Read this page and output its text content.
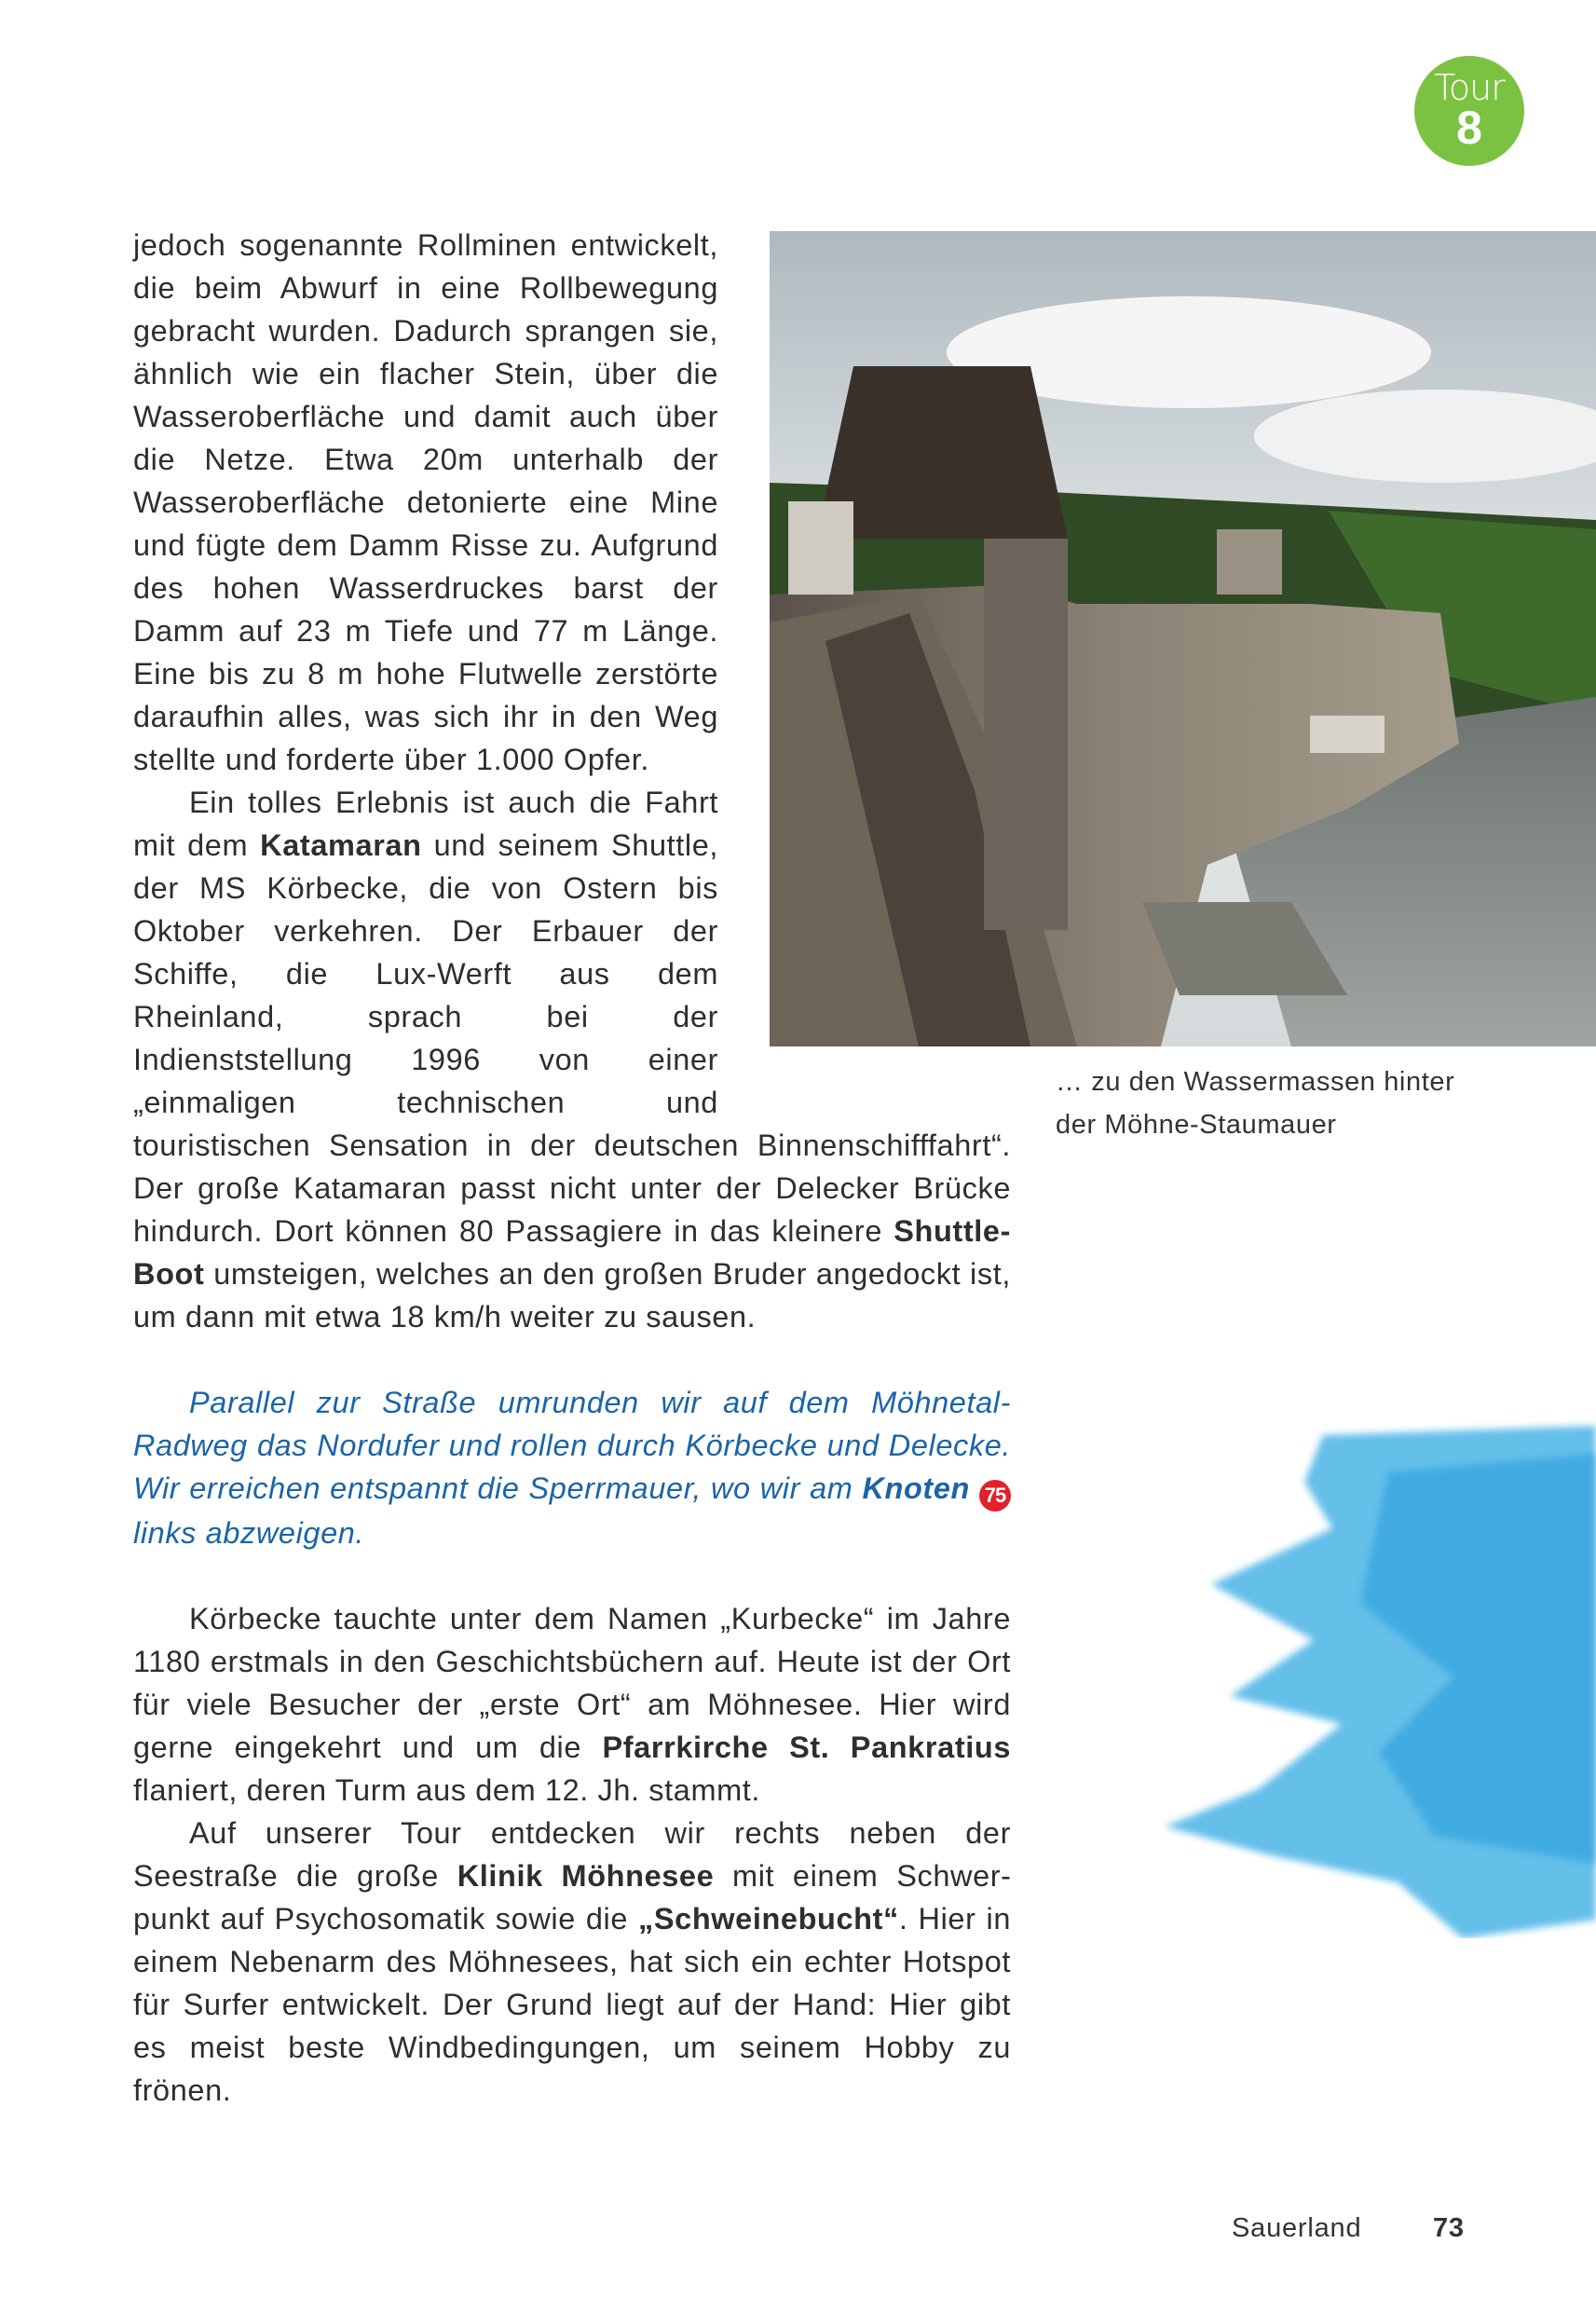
Tour
8

jedoch sogenannte Rollminen entwickelt, die beim Abwurf in eine Rollbewegung gebracht wurden. Dadurch sprangen sie, ähnlich wie ein flacher Stein, über die Wasseroberfläche und damit auch über die Netze. Etwa 20m unterhalb der Wasseroberfläche detonierte eine Mine und fügte dem Damm Risse zu. Aufgrund des hohen Wasserdruckes barst der Damm auf 23 m Tiefe und 77 m Länge. Eine bis zu 8 m hohe Flutwelle zerstörte daraufhin alles, was sich ihr in den Weg stellte und forderte über 1.000 Opfer.

Ein tolles Erlebnis ist auch die Fahrt mit dem Katamaran und seinem Shuttle, der MS Körbecke, die von Ostern bis Oktober verkehren. Der Erbauer der Schiffe, die Lux-Werft aus dem Rheinland, sprach bei der Indienststellung 1996 von einer „einmaligen technischen und touristischen Sensation in der deutschen Binnenschifffahrt“. Der große Katamaran passt nicht unter der Delecker Brücke hindurch. Dort können 80 Passagiere in das kleinere Shuttle-Boot umsteigen, welches an den großen Bruder angedockt ist, um dann mit etwa 18 km/h weiter zu sausen.

Parallel zur Straße umrunden wir auf dem Möhnetal-Radweg das Nordufer und rollen durch Körbecke und Delecke. Wir erreichen entspannt die Sperrmauer, wo wir am Knoten 75 links abzweigen.

Körbecke tauchte unter dem Namen „Kurbecke“ im Jahre 1180 erstmals in den Geschichtsbüchern auf. Heute ist der Ort für viele Besucher der „erste Ort“ am Möhnesee. Hier wird gerne eingekehrt und um die Pfarrkirche St. Pankratius flaniert, deren Turm aus dem 12. Jh. stammt.

Auf unserer Tour entdecken wir rechts neben der Seestraße die große Klinik Möhnesee mit einem Schwerpunkt auf Psychosomatik sowie die „Schweinebucht“. Hier in einem Nebenarm des Möhnesees, hat sich ein echter Hotspot für Surfer entwickelt. Der Grund liegt auf der Hand: Hier gibt es meist beste Windbedingungen, um seinem Hobby zu frönen.

… zu den Wassermassen hinter der Möhne-Staumauer
Sauerland	73
